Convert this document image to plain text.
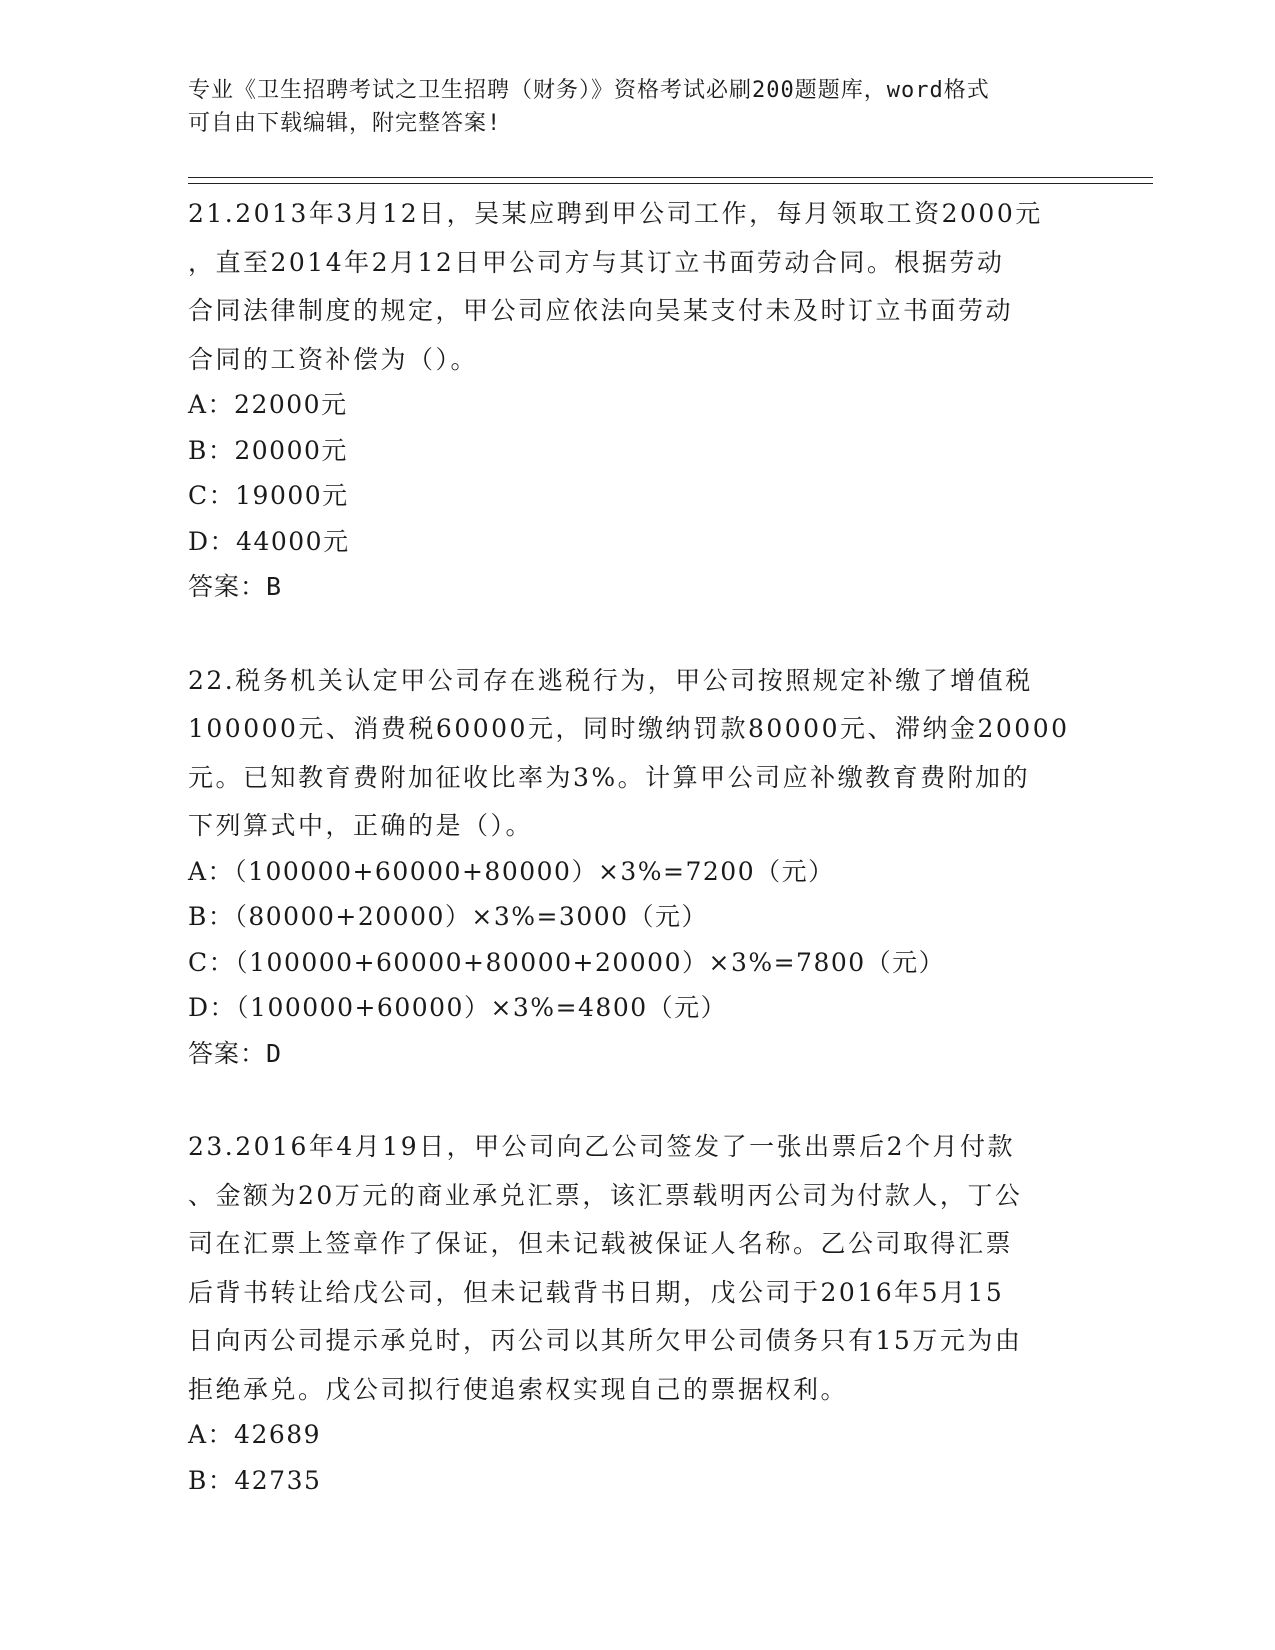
专业《卫生招聘考试之卫生招聘（财务）》资格考试必刷200题题库，word格式
可自由下载编辑，附完整答案!

21.2013年3月12日，吴某应聘到甲公司工作，每月领取工资2000元

，直至2014年2月12日甲公司方与其订立书面劳动合同。根据劳动

合同法律制度的规定，甲公司应依法向吴某支付未及时订立书面劳动

合同的工资补偿为（）。

A：22000元

B：20000元

C：19000元

D：44000元

答案：B

22.税务机关认定甲公司存在逃税行为，甲公司按照规定补缴了增值税

100000元、消费税60000元，同时缴纳罚款80000元、滞纳金20000

元。已知教育费附加征收比率为3%。计算甲公司应补缴教育费附加的

下列算式中，正确的是（）。

A：（100000+60000+80000）×3%=7200（元）

B：（80000+20000）×3%=3000（元）

C：（100000+60000+80000+20000）×3%=7800（元）

D：（100000+60000）×3%=4800（元）

答案：D

23.2016年4月19日，甲公司向乙公司签发了一张出票后2个月付款

、金额为20万元的商业承兑汇票，该汇票载明丙公司为付款人，丁公

司在汇票上签章作了保证，但未记载被保证人名称。乙公司取得汇票

后背书转让给戊公司，但未记载背书日期，戊公司于2016年5月15

日向丙公司提示承兑时，丙公司以其所欠甲公司债务只有15万元为由

拒绝承兑。戊公司拟行使追索权实现自己的票据权利。

A：42689

B：42735
